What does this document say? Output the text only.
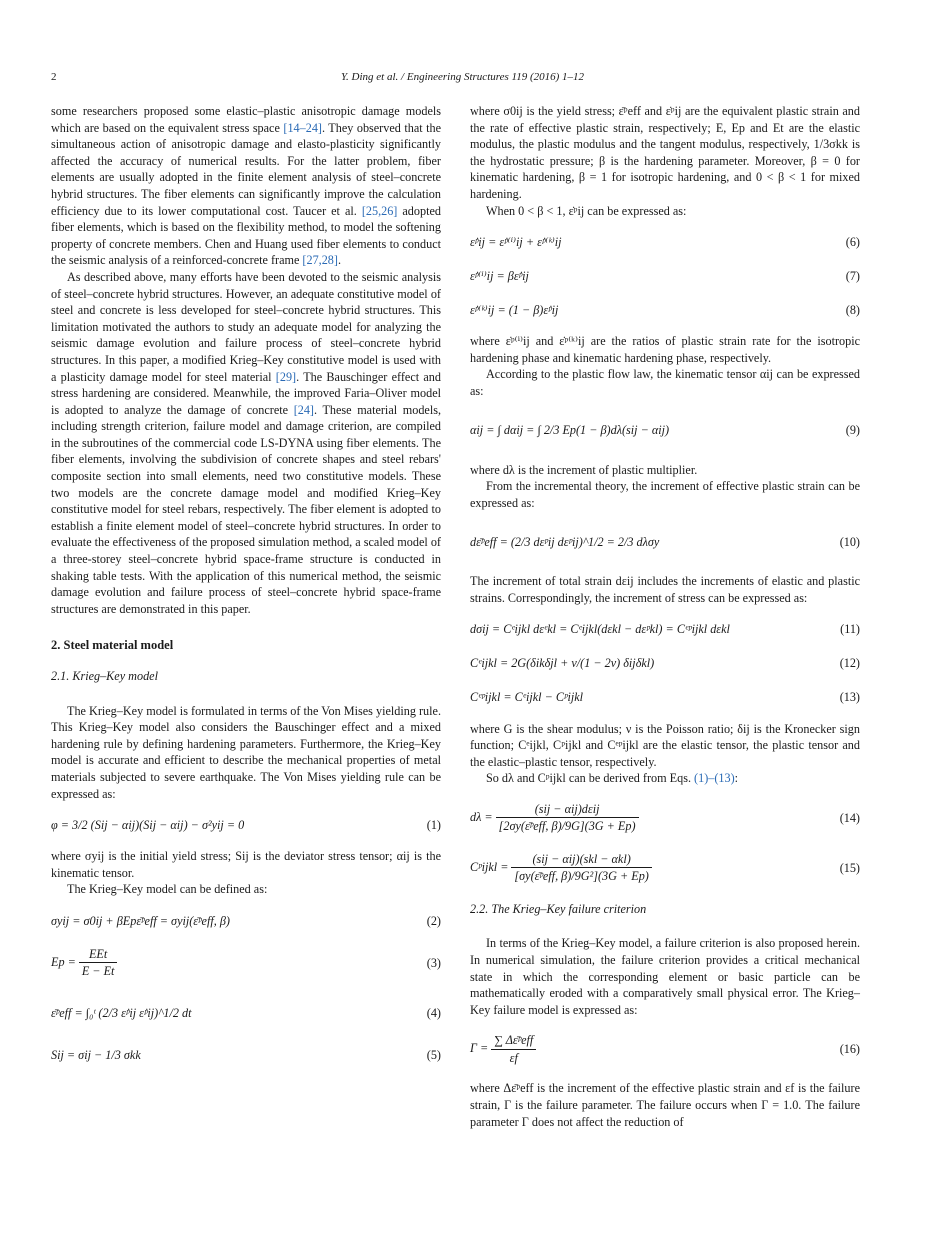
2	Y. Ding et al. / Engineering Structures 119 (2016) 1–12

some researchers proposed some elastic–plastic anisotropic damage models which are based on the equivalent stress space [14–24]. They observed that the simultaneous action of anisotropic damage and elasto-plasticity significantly affected the accuracy of numerical results. For the latter problem, fiber elements are usually adopted in the finite element analysis of steel–concrete hybrid structures. The fiber elements can significantly improve the calculation efficiency due to its lower computational cost. Taucer et al. [25,26] adopted fiber elements, which is based on the flexibility method, to model the softening property of concrete members. Chen and Huang used fiber elements to conduct the seismic analysis of a reinforced-concrete frame [27,28].

As described above, many efforts have been devoted to the seismic analysis of steel–concrete hybrid structures. However, an adequate constitutive model of steel and concrete is less developed for steel–concrete hybrid structures. This limitation motivated the authors to study an adequate model for analyzing the seismic damage evolution and failure process of steel–concrete hybrid structures. In this paper, a modified Krieg–Key constitutive model is used with a plasticity damage model for steel material [29]. The Bauschinger effect and stress hardening are considered. Meanwhile, the improved Faria–Oliver model is adopted to analyze the damage of concrete [24]. These material models, including strength criterion, failure model and damage criterion, are compiled in the subroutines of the commercial code LS-DYNA using fiber elements. The fiber elements, involving the subdivision of concrete shapes and steel rebars' composite section into small elements, need two constitutive models. These two models are the concrete damage model and modified Krieg–Key constitutive model for steel rebars, respectively. The fiber element is adopted to establish a finite element model of steel–concrete hybrid structures. In order to evaluate the effectiveness of the proposed simulation method, a scaled model of a three-storey steel–concrete hybrid space-frame structure is conducted in shaking table tests. With the application of this numerical method, the seismic damage evolution and failure process of steel–concrete hybrid space-frame structures are demonstrated in this paper.

2. Steel material model
2.1. Krieg–Key model

The Krieg–Key model is formulated in terms of the Von Mises yielding rule. This Krieg–Key model also considers the Bauschinger effect and a mixed hardening rule by defining hardening parameters. Furthermore, the Krieg–Key model is accurate and efficient to describe the mechanical properties of metal materials subjected to severe earthquake. The Von Mises yielding rule can be expressed as:

φ = 3/2 (Sij − αij)(Sij − αij) − σ²yij = 0	(1)

where σyij is the initial yield stress; Sij is the deviator stress tensor; αij is the kinematic tensor.

The Krieg–Key model can be defined as:

σyij = σ0ij + βEpε̄ᵖeff = σyij(ε̄ᵖeff, β)	(2)
$Ep = \frac{\text{EEt}}{E - Et}$	(3)
ε̄ᵖeff = ∫₀ᵗ (2/3 ε̇ᵖij ε̇ᵖij)^1/2 dt	(4)
Sij = σij − 1/3 σkk	(5)

where σ0ij is the yield stress; ε̄ᵖeff and ε̇ᵖij are the equivalent plastic strain and the rate of effective plastic strain, respectively; E, Ep and Et are the elastic modulus, the plastic modulus and the tangent modulus, respectively, 1/3σkk is the hydrostatic pressure; β is the hardening parameter. Moreover, β = 0 for kinematic hardening, β = 1 for isotropic hardening, and 0 < β < 1 for mixed hardening.

When 0 < β < 1, ε̇ᵖij can be expressed as:

ε̇ᵖij = ε̇ᵖ⁽ⁱ⁾ij + ε̇ᵖ⁽ᵏ⁾ij	(6)
ε̇ᵖ⁽ⁱ⁾ij = βε̇ᵖij	(7)
ε̇ᵖ⁽ᵏ⁾ij = (1 − β)ε̇ᵖij	(8)

where ε̇ᵖ⁽ⁱ⁾ij and ε̇ᵖ⁽ᵏ⁾ij are the ratios of plastic strain rate for the isotropic hardening phase and kinematic hardening phase, respectively.

According to the plastic flow law, the kinematic tensor αij can be expressed as:

αij = ∫ dαij = ∫ 2/3 Ep(1 − β)dλ(sij − αij)	(9)

where dλ is the increment of plastic multiplier.

From the incremental theory, the increment of effective plastic strain can be expressed as:

dε̄ᵖeff = (2/3 dεᵖij dεᵖij)^1/2 = 2/3 dλσy	(10)

The increment of total strain dεij includes the increments of elastic and plastic strains. Correspondingly, the increment of stress can be expressed as:

dσij = Cᵉijkl dεᵉkl = Cᵉijkl(dεkl − dεᵖkl) = Cᵉᵖijkl dεkl	(11)
Cᵉijkl = 2G(δikδjl + ν/(1 − 2ν) δijδkl)	(12)
Cᵉᵖijkl = Cᵉijkl − Cᵖijkl	(13)

where G is the shear modulus; ν is the Poisson ratio; δij is the Kronecker sign function; Cᵉijkl, Cᵖijkl and Cᵉᵖijkl are the elastic tensor, the plastic tensor and the elastic–plastic tensor, respectively.

So dλ and Cᵖijkl can be derived from Eqs. (1)–(13):

$d\lambda = \frac{\text{(sij − αij)dεij}}{\text{[2σy(ε̄ᵖeff, β)/9G](3G + Ep)}}$	(14)
Cᵖijkl = $\frac{\text{(sij − αij)(skl − αkl)}}{\text{[σy(ε̄ᵖeff, β)/9G²](3G + Ep)}}$	(15)
2.2. The Krieg–Key failure criterion

In terms of the Krieg–Key model, a failure criterion is also proposed herein. In numerical simulation, the failure criterion provides a critical mechanical state in which the corresponding element or basic particle can be mathematically eroded with a comparatively small physical error. The Krieg–Key failure model is expressed as:

$\Gamma = \frac{\text{∑ Δε̄ᵖeff}}{\varepsilon f}$	(16)

where Δε̄ᵖeff is the increment of the effective plastic strain and εf is the failure strain, Γ is the failure parameter. The failure occurs when Γ = 1.0. The failure parameter Γ does not affect the reduction of
